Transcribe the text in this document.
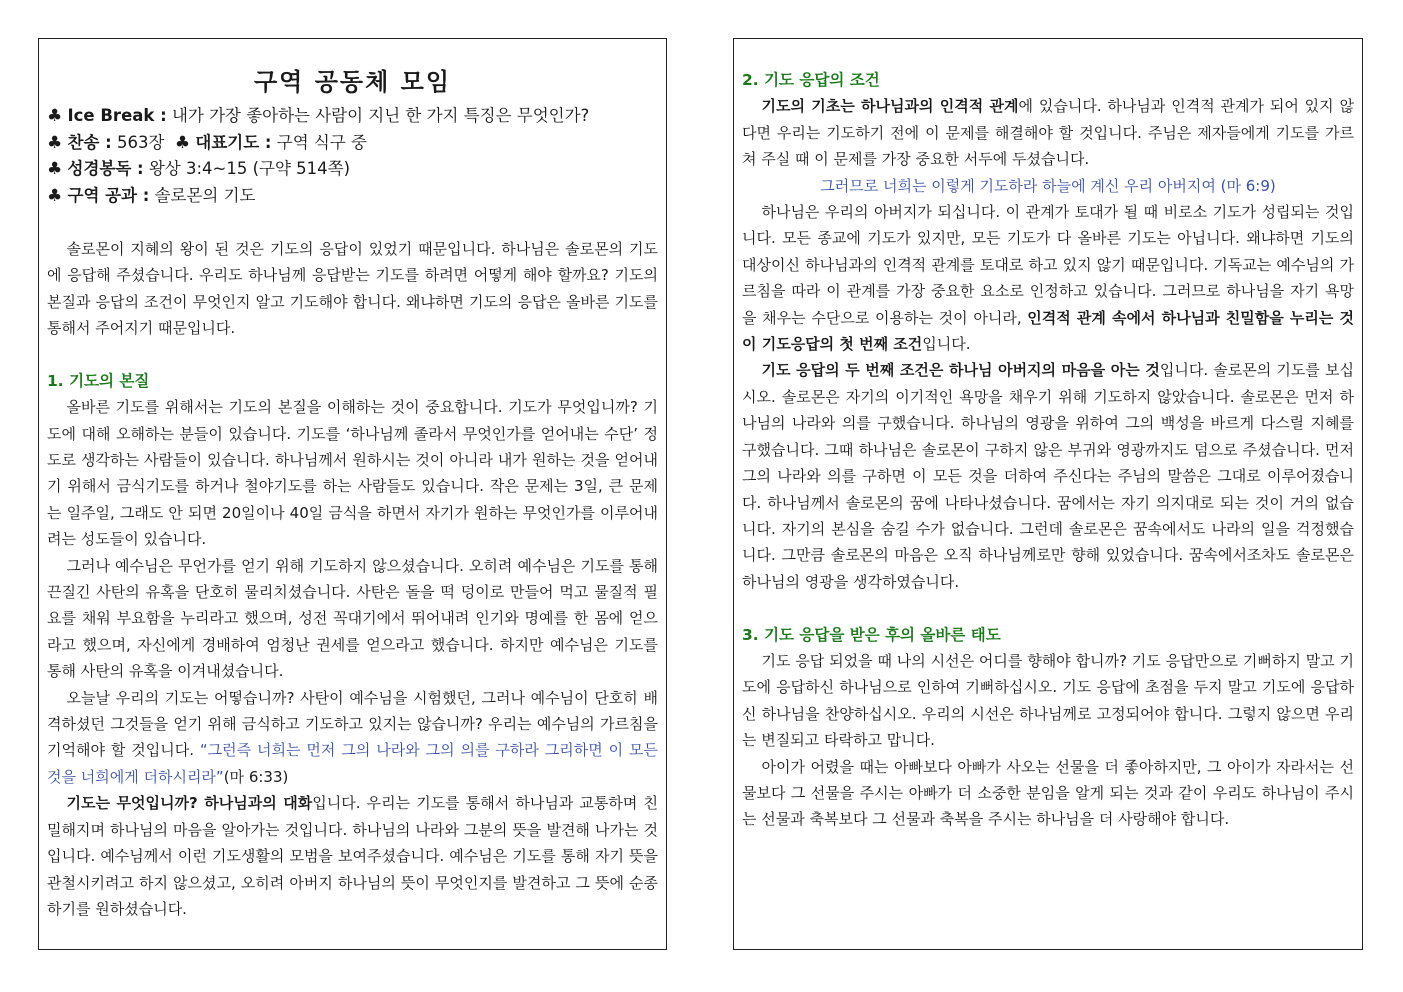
구역 공동체 모임
♣ Ice Break : 내가 가장 좋아하는 사람이 지닌 한 가지 특징은 무엇인가?
♣ 찬송 : 563장 ♣ 대표기도 : 구역 식구 중
♣ 성경봉독 : 왕상 3:4~15 (구약 514쪽)
♣ 구역 공과 : 솔로몬의 기도

솔로몬이 지혜의 왕이 된 것은 기도의 응답이 있었기 때문입니다. 하나님은 솔로몬의 기도에 응답해 주셨습니다. 우리도 하나님께 응답받는 기도를 하려면 어떻게 해야 할까요? 기도의 본질과 응답의 조건이 무엇인지 알고 기도해야 합니다. 왜냐하면 기도의 응답은 올바른 기도를 통해서 주어지기 때문입니다.

1. 기도의 본질

올바른 기도를 위해서는 기도의 본질을 이해하는 것이 중요합니다. 기도가 무엇입니까? 기도에 대해 오해하는 분들이 있습니다. 기도를 ‘하나님께 졸라서 무엇인가를 얻어내는 수단’ 정도로 생각하는 사람들이 있습니다. 하나님께서 원하시는 것이 아니라 내가 원하는 것을 얻어내기 위해서 금식기도를 하거나 철야기도를 하는 사람들도 있습니다. 작은 문제는 3일, 큰 문제는 일주일, 그래도 안 되면 20일이나 40일 금식을 하면서 자기가 원하는 무엇인가를 이루어내려는 성도들이 있습니다.

그러나 예수님은 무언가를 얻기 위해 기도하지 않으셨습니다. 오히려 예수님은 기도를 통해 끈질긴 사탄의 유혹을 단호히 물리치셨습니다. 사탄은 돌을 떡 덩이로 만들어 먹고 물질적 필요를 채워 부요함을 누리라고 했으며, 성전 꼭대기에서 뛰어내려 인기와 명예를 한 몸에 얻으라고 했으며, 자신에게 경배하여 엄청난 권세를 얻으라고 했습니다. 하지만 예수님은 기도를 통해 사탄의 유혹을 이겨내셨습니다.

오늘날 우리의 기도는 어떻습니까? 사탄이 예수님을 시험했던, 그러나 예수님이 단호히 배격하셨던 그것들을 얻기 위해 금식하고 기도하고 있지는 않습니까? 우리는 예수님의 가르침을 기억해야 할 것입니다. “그런즉 너희는 먼저 그의 나라와 그의 의를 구하라 그리하면 이 모든 것을 너희에게 더하시리라”(마 6:33)

기도는 무엇입니까? 하나님과의 대화입니다. 우리는 기도를 통해서 하나님과 교통하며 친밀해지며 하나님의 마음을 알아가는 것입니다. 하나님의 나라와 그분의 뜻을 발견해 나가는 것입니다. 예수님께서 이런 기도생활의 모범을 보여주셨습니다. 예수님은 기도를 통해 자기 뜻을 관철시키려고 하지 않으셨고, 오히려 아버지 하나님의 뜻이 무엇인지를 발견하고 그 뜻에 순종하기를 원하셨습니다.

2. 기도 응답의 조건

기도의 기초는 하나님과의 인격적 관계에 있습니다. 하나님과 인격적 관계가 되어 있지 않다면 우리는 기도하기 전에 이 문제를 해결해야 할 것입니다. 주님은 제자들에게 기도를 가르쳐 주실 때 이 문제를 가장 중요한 서두에 두셨습니다.

그러므로 너희는 이렇게 기도하라 하늘에 계신 우리 아버지여 (마 6:9)

하나님은 우리의 아버지가 되십니다. 이 관계가 토대가 될 때 비로소 기도가 성립되는 것입니다. 모든 종교에 기도가 있지만, 모든 기도가 다 올바른 기도는 아닙니다. 왜냐하면 기도의 대상이신 하나님과의 인격적 관계를 토대로 하고 있지 않기 때문입니다. 기독교는 예수님의 가르침을 따라 이 관계를 가장 중요한 요소로 인정하고 있습니다. 그러므로 하나님을 자기 욕망을 채우는 수단으로 이용하는 것이 아니라, 인격적 관계 속에서 하나님과 친밀함을 누리는 것이 기도응답의 첫 번째 조건입니다.

기도 응답의 두 번째 조건은 하나님 아버지의 마음을 아는 것입니다. 솔로몬의 기도를 보십시오. 솔로몬은 자기의 이기적인 욕망을 채우기 위해 기도하지 않았습니다. 솔로몬은 먼저 하나님의 나라와 의를 구했습니다. 하나님의 영광을 위하여 그의 백성을 바르게 다스릴 지혜를 구했습니다. 그때 하나님은 솔로몬이 구하지 않은 부귀와 영광까지도 덤으로 주셨습니다. 먼저 그의 나라와 의를 구하면 이 모든 것을 더하여 주신다는 주님의 말씀은 그대로 이루어졌습니다. 하나님께서 솔로몬의 꿈에 나타나셨습니다. 꿈에서는 자기 의지대로 되는 것이 거의 없습니다. 자기의 본심을 숨길 수가 없습니다. 그런데 솔로몬은 꿈속에서도 나라의 일을 걱정했습니다. 그만큼 솔로몬의 마음은 오직 하나님께로만 향해 있었습니다. 꿈속에서조차도 솔로몬은 하나님의 영광을 생각하였습니다.

3. 기도 응답을 받은 후의 올바른 태도

기도 응답 되었을 때 나의 시선은 어디를 향해야 합니까? 기도 응답만으로 기뻐하지 말고 기도에 응답하신 하나님으로 인하여 기뻐하십시오. 기도 응답에 초점을 두지 말고 기도에 응답하신 하나님을 찬양하십시오. 우리의 시선은 하나님께로 고정되어야 합니다. 그렇지 않으면 우리는 변질되고 타락하고 맙니다.

아이가 어렸을 때는 아빠보다 아빠가 사오는 선물을 더 좋아하지만, 그 아이가 자라서는 선물보다 그 선물을 주시는 아빠가 더 소중한 분임을 알게 되는 것과 같이 우리도 하나님이 주시는 선물과 축복보다 그 선물과 축복을 주시는 하나님을 더 사랑해야 합니다.
